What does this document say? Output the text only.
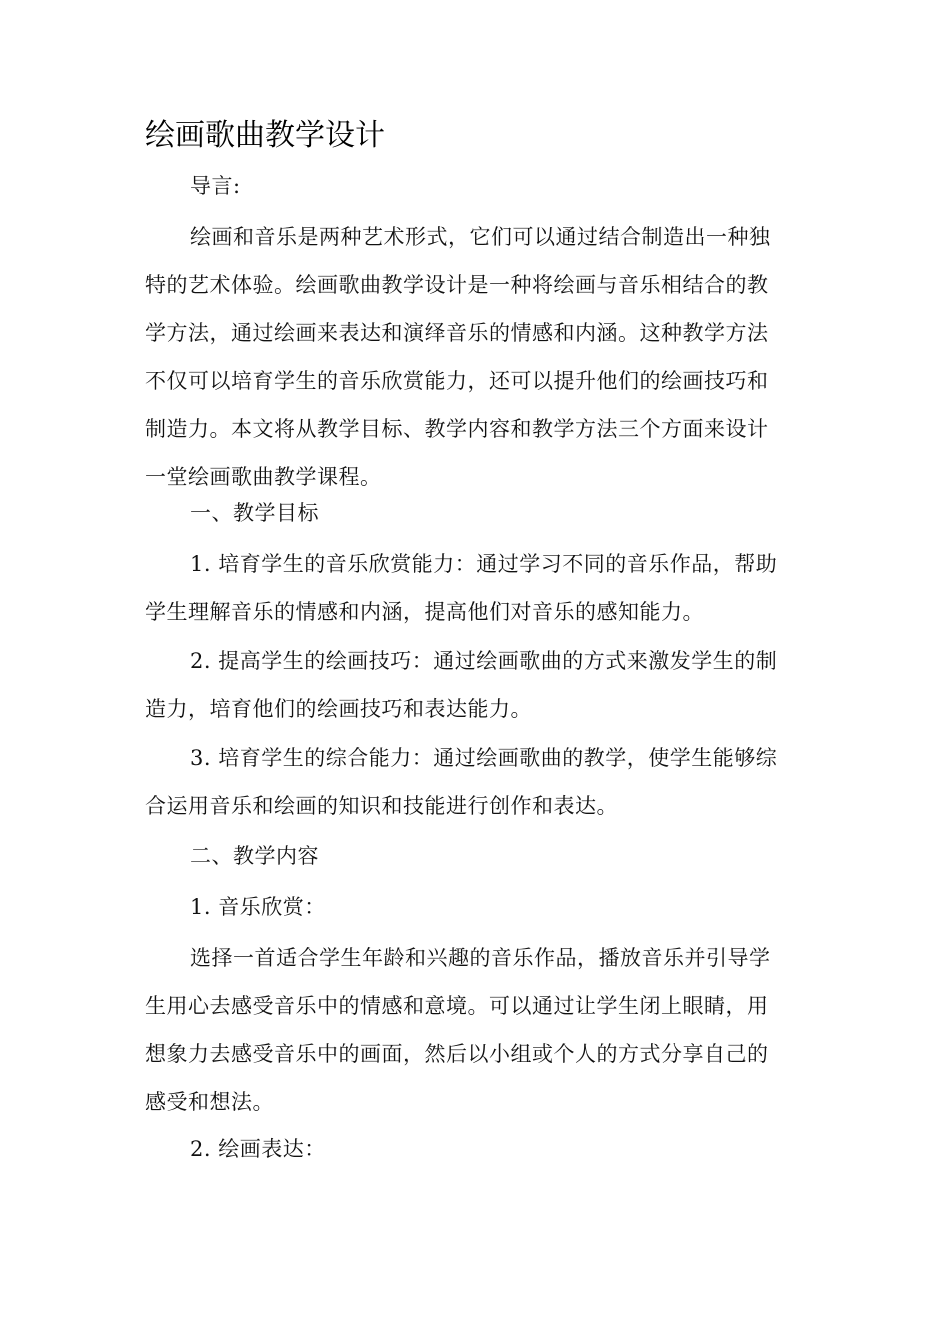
绘画歌曲教学设计
导言:
绘画和音乐是两种艺术形式，它们可以通过结合制造出一种独
特的艺术体验。绘画歌曲教学设计是一种将绘画与音乐相结合的教
学方法，通过绘画来表达和演绎音乐的情感和内涵。这种教学方法
不仅可以培育学生的音乐欣赏能力，还可以提升他们的绘画技巧和
制造力。本文将从教学目标、教学内容和教学方法三个方面来设计
一堂绘画歌曲教学课程。
一、教学目标
1. 培育学生的音乐欣赏能力：通过学习不同的音乐作品，帮助
学生理解音乐的情感和内涵，提高他们对音乐的感知能力。
2. 提高学生的绘画技巧：通过绘画歌曲的方式来激发学生的制
造力，培育他们的绘画技巧和表达能力。
3. 培育学生的综合能力：通过绘画歌曲的教学，使学生能够综
合运用音乐和绘画的知识和技能进行创作和表达。
二、教学内容
1. 音乐欣赏：
选择一首适合学生年龄和兴趣的音乐作品，播放音乐并引导学
生用心去感受音乐中的情感和意境。可以通过让学生闭上眼睛，用
想象力去感受音乐中的画面，然后以小组或个人的方式分享自己的
感受和想法。
2. 绘画表达：
